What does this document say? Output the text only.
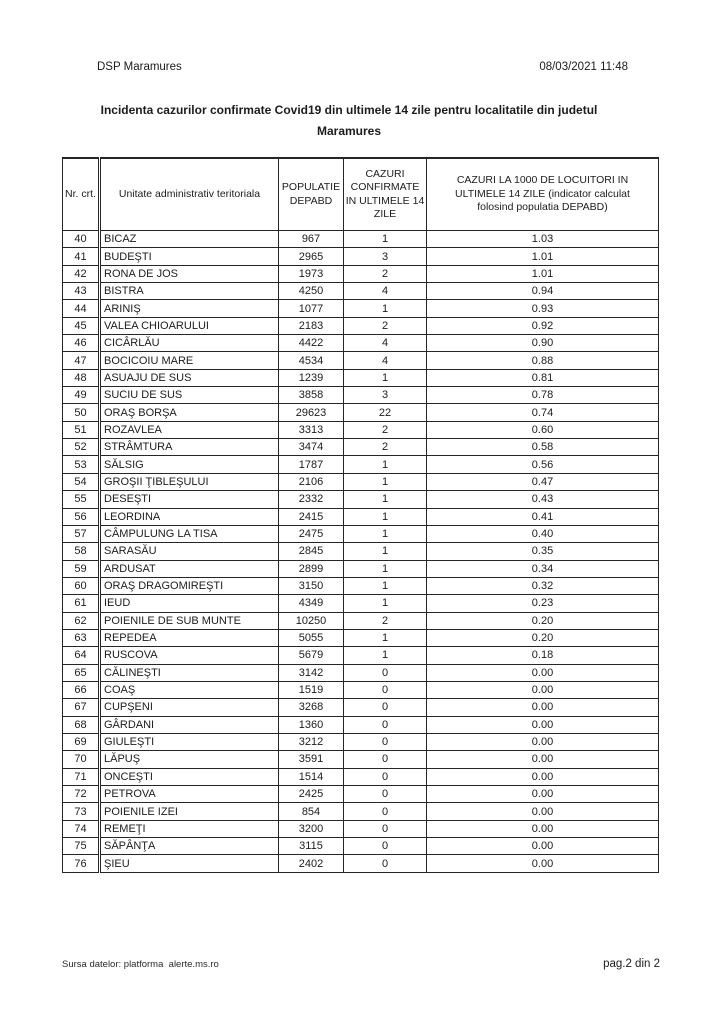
DSP Maramures	08/03/2021 11:48
Incidenta cazurilor confirmate Covid19 din ultimele 14 zile pentru localitatile din judetul Maramures
Nr. crt.	Unitate administrativ teritoriala	POPULATIE DEPABD	CAZURI CONFIRMATE IN ULTIMELE 14 ZILE	CAZURI LA 1000 DE LOCUITORI IN ULTIMELE 14 ZILE (indicator calculat folosind populatia DEPABD)
40	BICAZ	967	1	1.03
41	BUDEŞTI	2965	3	1.01
42	RONA DE JOS	1973	2	1.01
43	BISTRA	4250	4	0.94
44	ARINIŞ	1077	1	0.93
45	VALEA CHIOARULUI	2183	2	0.92
46	CICÂRLĂU	4422	4	0.90
47	BOCICOIU MARE	4534	4	0.88
48	ASUAJU DE SUS	1239	1	0.81
49	SUCIU DE SUS	3858	3	0.78
50	ORAŞ BORŞA	29623	22	0.74
51	ROZAVLEA	3313	2	0.60
52	STRÂMTURA	3474	2	0.58
53	SĂLSIG	1787	1	0.56
54	GROŞII ŢIBLEŞULUI	2106	1	0.47
55	DESEŞTI	2332	1	0.43
56	LEORDINA	2415	1	0.41
57	CÂMPULUNG LA TISA	2475	1	0.40
58	SARASĂU	2845	1	0.35
59	ARDUSAT	2899	1	0.34
60	ORAŞ DRAGOMIREŞTI	3150	1	0.32
61	IEUD	4349	1	0.23
62	POIENILE DE SUB MUNTE	10250	2	0.20
63	REPEDEA	5055	1	0.20
64	RUSCOVA	5679	1	0.18
65	CĂLINEŞTI	3142	0	0.00
66	COAŞ	1519	0	0.00
67	CUPŞENI	3268	0	0.00
68	GÂRDANI	1360	0	0.00
69	GIULEŞTI	3212	0	0.00
70	LĂPUŞ	3591	0	0.00
71	ONCEŞTI	1514	0	0.00
72	PETROVA	2425	0	0.00
73	POIENILE IZEI	854	0	0.00
74	REMEŢI	3200	0	0.00
75	SĂPÂNŢA	3115	0	0.00
76	ŞIEU	2402	0	0.00
Sursa datelor: platforma  alerte.ms.ro	pag.2 din 2
